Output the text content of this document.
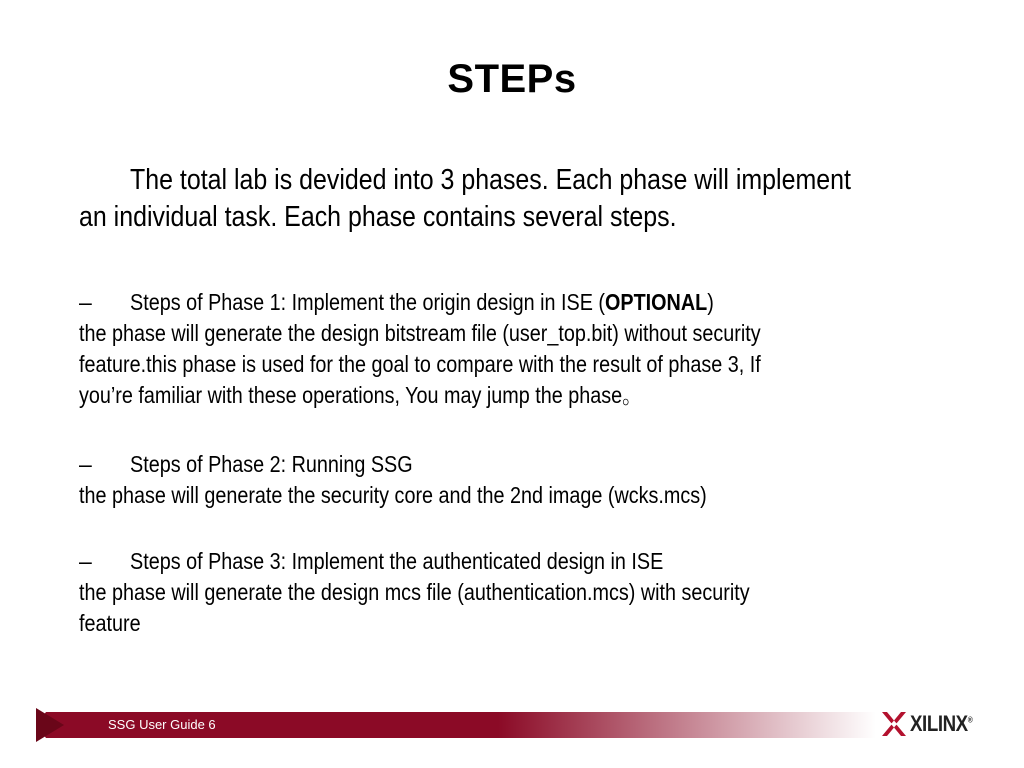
STEPs
The total lab is devided into 3 phases. Each phase will implement
an individual task. Each phase contains several steps.
– Steps of Phase 1: Implement the origin design in ISE (OPTIONAL)
the phase will generate the design bitstream file (user_top.bit) without security
feature.this phase is used for the goal to compare with the result of phase 3, If
you’re familiar with these operations, You may jump the phase。
– Steps of Phase 2: Running SSG
the phase will generate the security core and the 2nd image (wcks.mcs)
– Steps of Phase 3: Implement the authenticated design in ISE
the phase will generate the design mcs file (authentication.mcs) with security
feature
SSG User Guide 6	XILINX®
